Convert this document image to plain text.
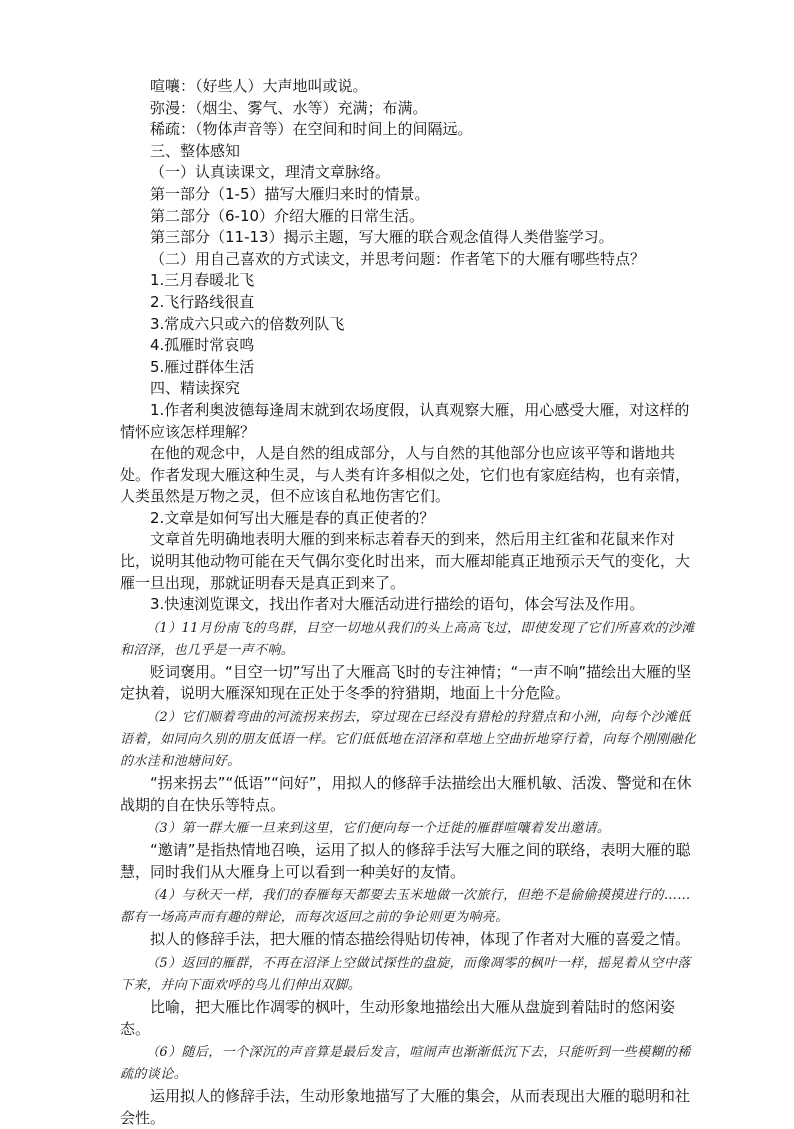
喧嚷：（好些人）大声地叫或说。

弥漫：（烟尘、雾气、水等）充满；布满。

稀疏：（物体声音等）在空间和时间上的间隔远。

三、整体感知

（一）认真读课文，理清文章脉络。

第一部分（1-5）描写大雁归来时的情景。

第二部分（6-10）介绍大雁的日常生活。

第三部分（11-13）揭示主题，写大雁的联合观念值得人类借鉴学习。

（二）用自己喜欢的方式读文，并思考问题：作者笔下的大雁有哪些特点？

1.三月春暖北飞

2.飞行路线很直

3.常成六只或六的倍数列队飞

4.孤雁时常哀鸣

5.雁过群体生活

四、精读探究

1.作者利奥波德每逢周末就到农场度假，认真观察大雁，用心感受大雁，对这样的情怀应该怎样理解？

在他的观念中，人是自然的组成部分，人与自然的其他部分也应该平等和谐地共处。作者发现大雁这种生灵，与人类有许多相似之处，它们也有家庭结构，也有亲情，人类虽然是万物之灵，但不应该自私地伤害它们。

2.文章是如何写出大雁是春的真正使者的？

文章首先明确地表明大雁的到来标志着春天的到来，然后用主红雀和花鼠来作对比，说明其他动物可能在天气偶尔变化时出来，而大雁却能真正地预示天气的变化，大雁一旦出现，那就证明春天是真正到来了。

3.快速浏览课文，找出作者对大雁活动进行描绘的语句，体会写法及作用。

（1）11月份南飞的鸟群，目空一切地从我们的头上高高飞过，即使发现了它们所喜欢的沙滩和沼泽，也几乎是一声不响。

贬词褒用。“目空一切”写出了大雁高飞时的专注神情；“一声不响”描绘出大雁的坚定执着，说明大雁深知现在正处于冬季的狩猎期，地面上十分危险。

（2）它们顺着弯曲的河流拐来拐去，穿过现在已经没有猎枪的狩猎点和小洲，向每个沙滩低语着，如同向久别的朋友低语一样。它们低低地在沼泽和草地上空曲折地穿行着，向每个刚刚融化的水洼和池塘问好。

“拐来拐去”“低语”“问好”，用拟人的修辞手法描绘出大雁机敏、活泼、警觉和在休战期的自在快乐等特点。

（3）第一群大雁一旦来到这里，它们便向每一个迁徙的雁群喧嚷着发出邀请。

“邀请”是指热情地召唤，运用了拟人的修辞手法写大雁之间的联络，表明大雁的聪慧，同时我们从大雁身上可以看到一种美好的友情。

（4）与秋天一样，我们的春雁每天都要去玉米地做一次旅行，但绝不是偷偷摸摸进行的……都有一场高声而有趣的辩论，而每次返回之前的争论则更为响亮。

拟人的修辞手法，把大雁的情态描绘得贴切传神，体现了作者对大雁的喜爱之情。

（5）返回的雁群，不再在沼泽上空做试探性的盘旋，而像凋零的枫叶一样，摇晃着从空中落下来，并向下面欢呼的鸟儿们伸出双脚。

比喻，把大雁比作凋零的枫叶，生动形象地描绘出大雁从盘旋到着陆时的悠闲姿态。

（6）随后，一个深沉的声音算是最后发言，喧闹声也渐渐低沉下去，只能听到一些模糊的稀疏的谈论。

运用拟人的修辞手法，生动形象地描写了大雁的集会，从而表现出大雁的聪明和社会性。
